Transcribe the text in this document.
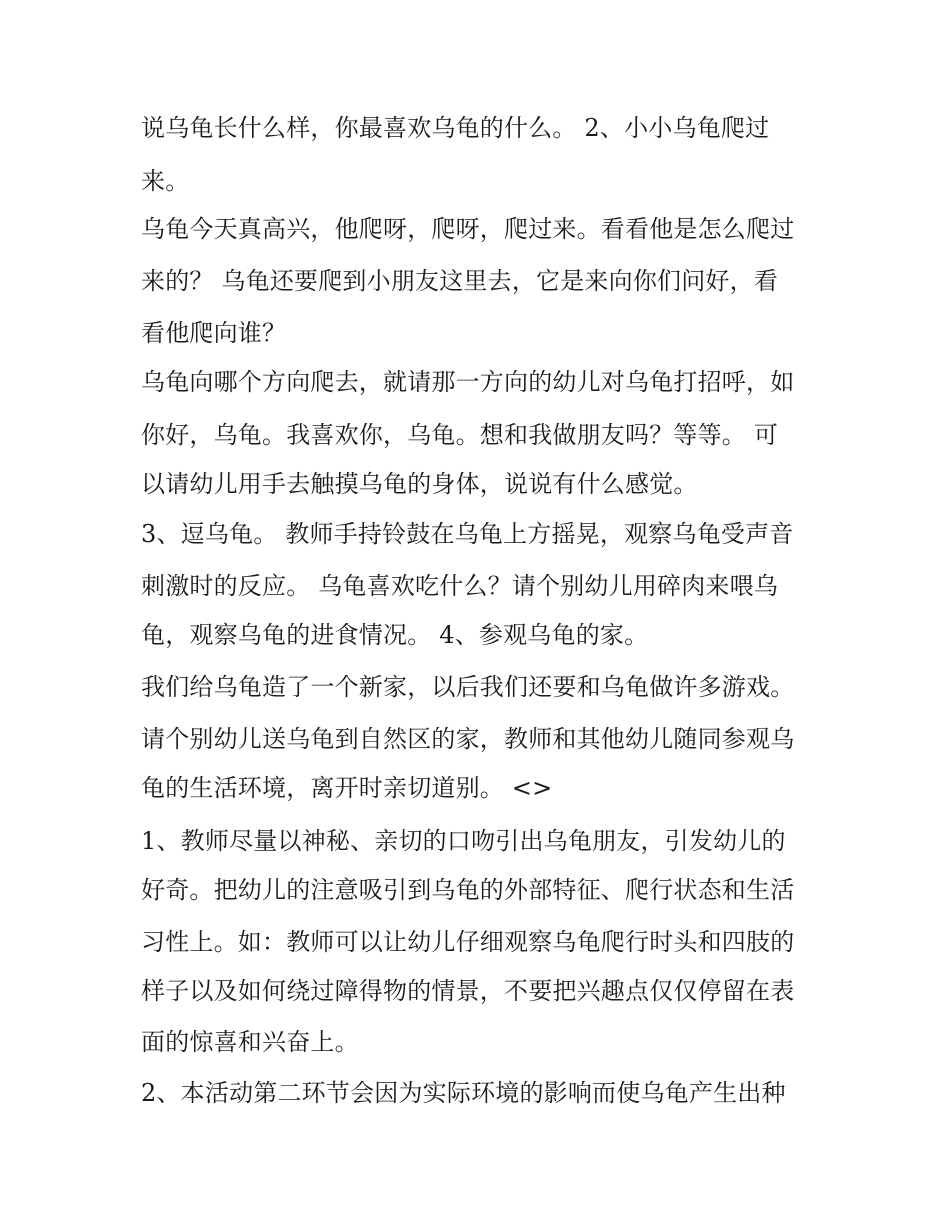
说乌龟长什么样，你最喜欢乌龟的什么。 2、小小乌龟爬过
来。
乌龟今天真高兴，他爬呀，爬呀，爬过来。看看他是怎么爬过
来的？ 乌龟还要爬到小朋友这里去，它是来向你们问好，看
看他爬向谁？
乌龟向哪个方向爬去，就请那一方向的幼儿对乌龟打招呼，如
你好，乌龟。我喜欢你，乌龟。想和我做朋友吗？等等。 可
以请幼儿用手去触摸乌龟的身体，说说有什么感觉。
3、逗乌龟。 教师手持铃鼓在乌龟上方摇晃，观察乌龟受声音
刺激时的反应。 乌龟喜欢吃什么？请个别幼儿用碎肉来喂乌
龟，观察乌龟的进食情况。 4、参观乌龟的家。
我们给乌龟造了一个新家，以后我们还要和乌龟做许多游戏。
请个别幼儿送乌龟到自然区的家，教师和其他幼儿随同参观乌
龟的生活环境，离开时亲切道别。 <>
1、教师尽量以神秘、亲切的口吻引出乌龟朋友，引发幼儿的
好奇。把幼儿的注意吸引到乌龟的外部特征、爬行状态和生活
习性上。如：教师可以让幼儿仔细观察乌龟爬行时头和四肢的
样子以及如何绕过障得物的情景，不要把兴趣点仅仅停留在表
面的惊喜和兴奋上。
2、本活动第二环节会因为实际环境的影响而使乌龟产生出种
